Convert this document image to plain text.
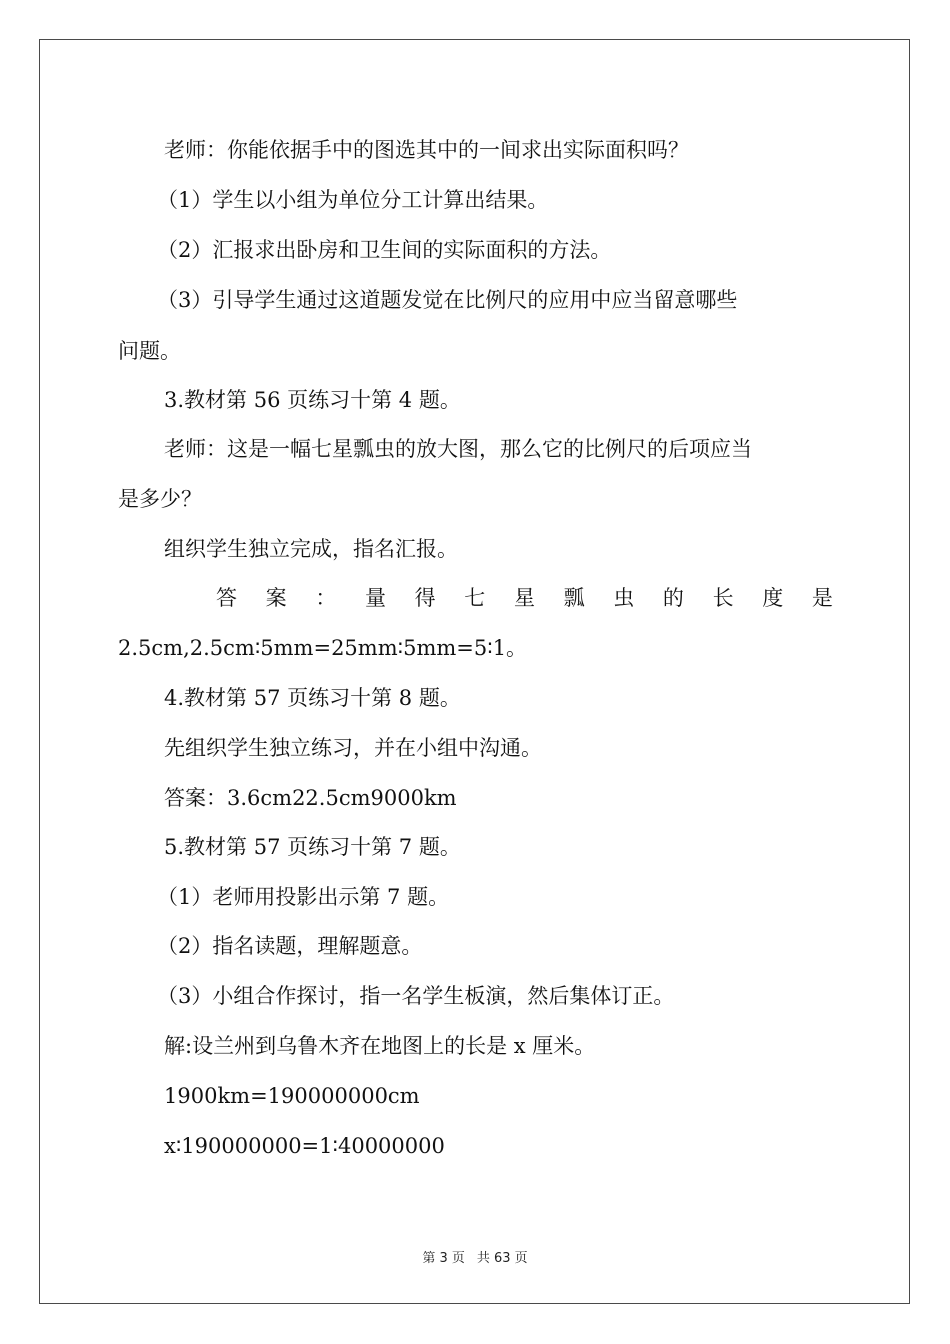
老师：你能依据手中的图选其中的一间求出实际面积吗？
（1）学生以小组为单位分工计算出结果。
（2）汇报求出卧房和卫生间的实际面积的方法。
（3）引导学生通过这道题发觉在比例尺的应用中应当留意哪些
问题。
3.教材第 56 页练习十第 4 题。
老师：这是一幅七星瓢虫的放大图，那么它的比例尺的后项应当
是多少？
组织学生独立完成，指名汇报。
答 案 ： 量 得 七 星 瓢 虫 的 长 度 是
2.5cm,2.5cm∶5mm=25mm∶5mm=5∶1。
4.教材第 57 页练习十第 8 题。
先组织学生独立练习，并在小组中沟通。
答案：3.6cm22.5cm9000km
5.教材第 57 页练习十第 7 题。
（1）老师用投影出示第 7 题。
（2）指名读题，理解题意。
（3）小组合作探讨，指一名学生板演，然后集体订正。
解:设兰州到乌鲁木齐在地图上的长是 x 厘米。
1900km=190000000cm
x∶190000000=1∶40000000
第 3 页 共 63 页
